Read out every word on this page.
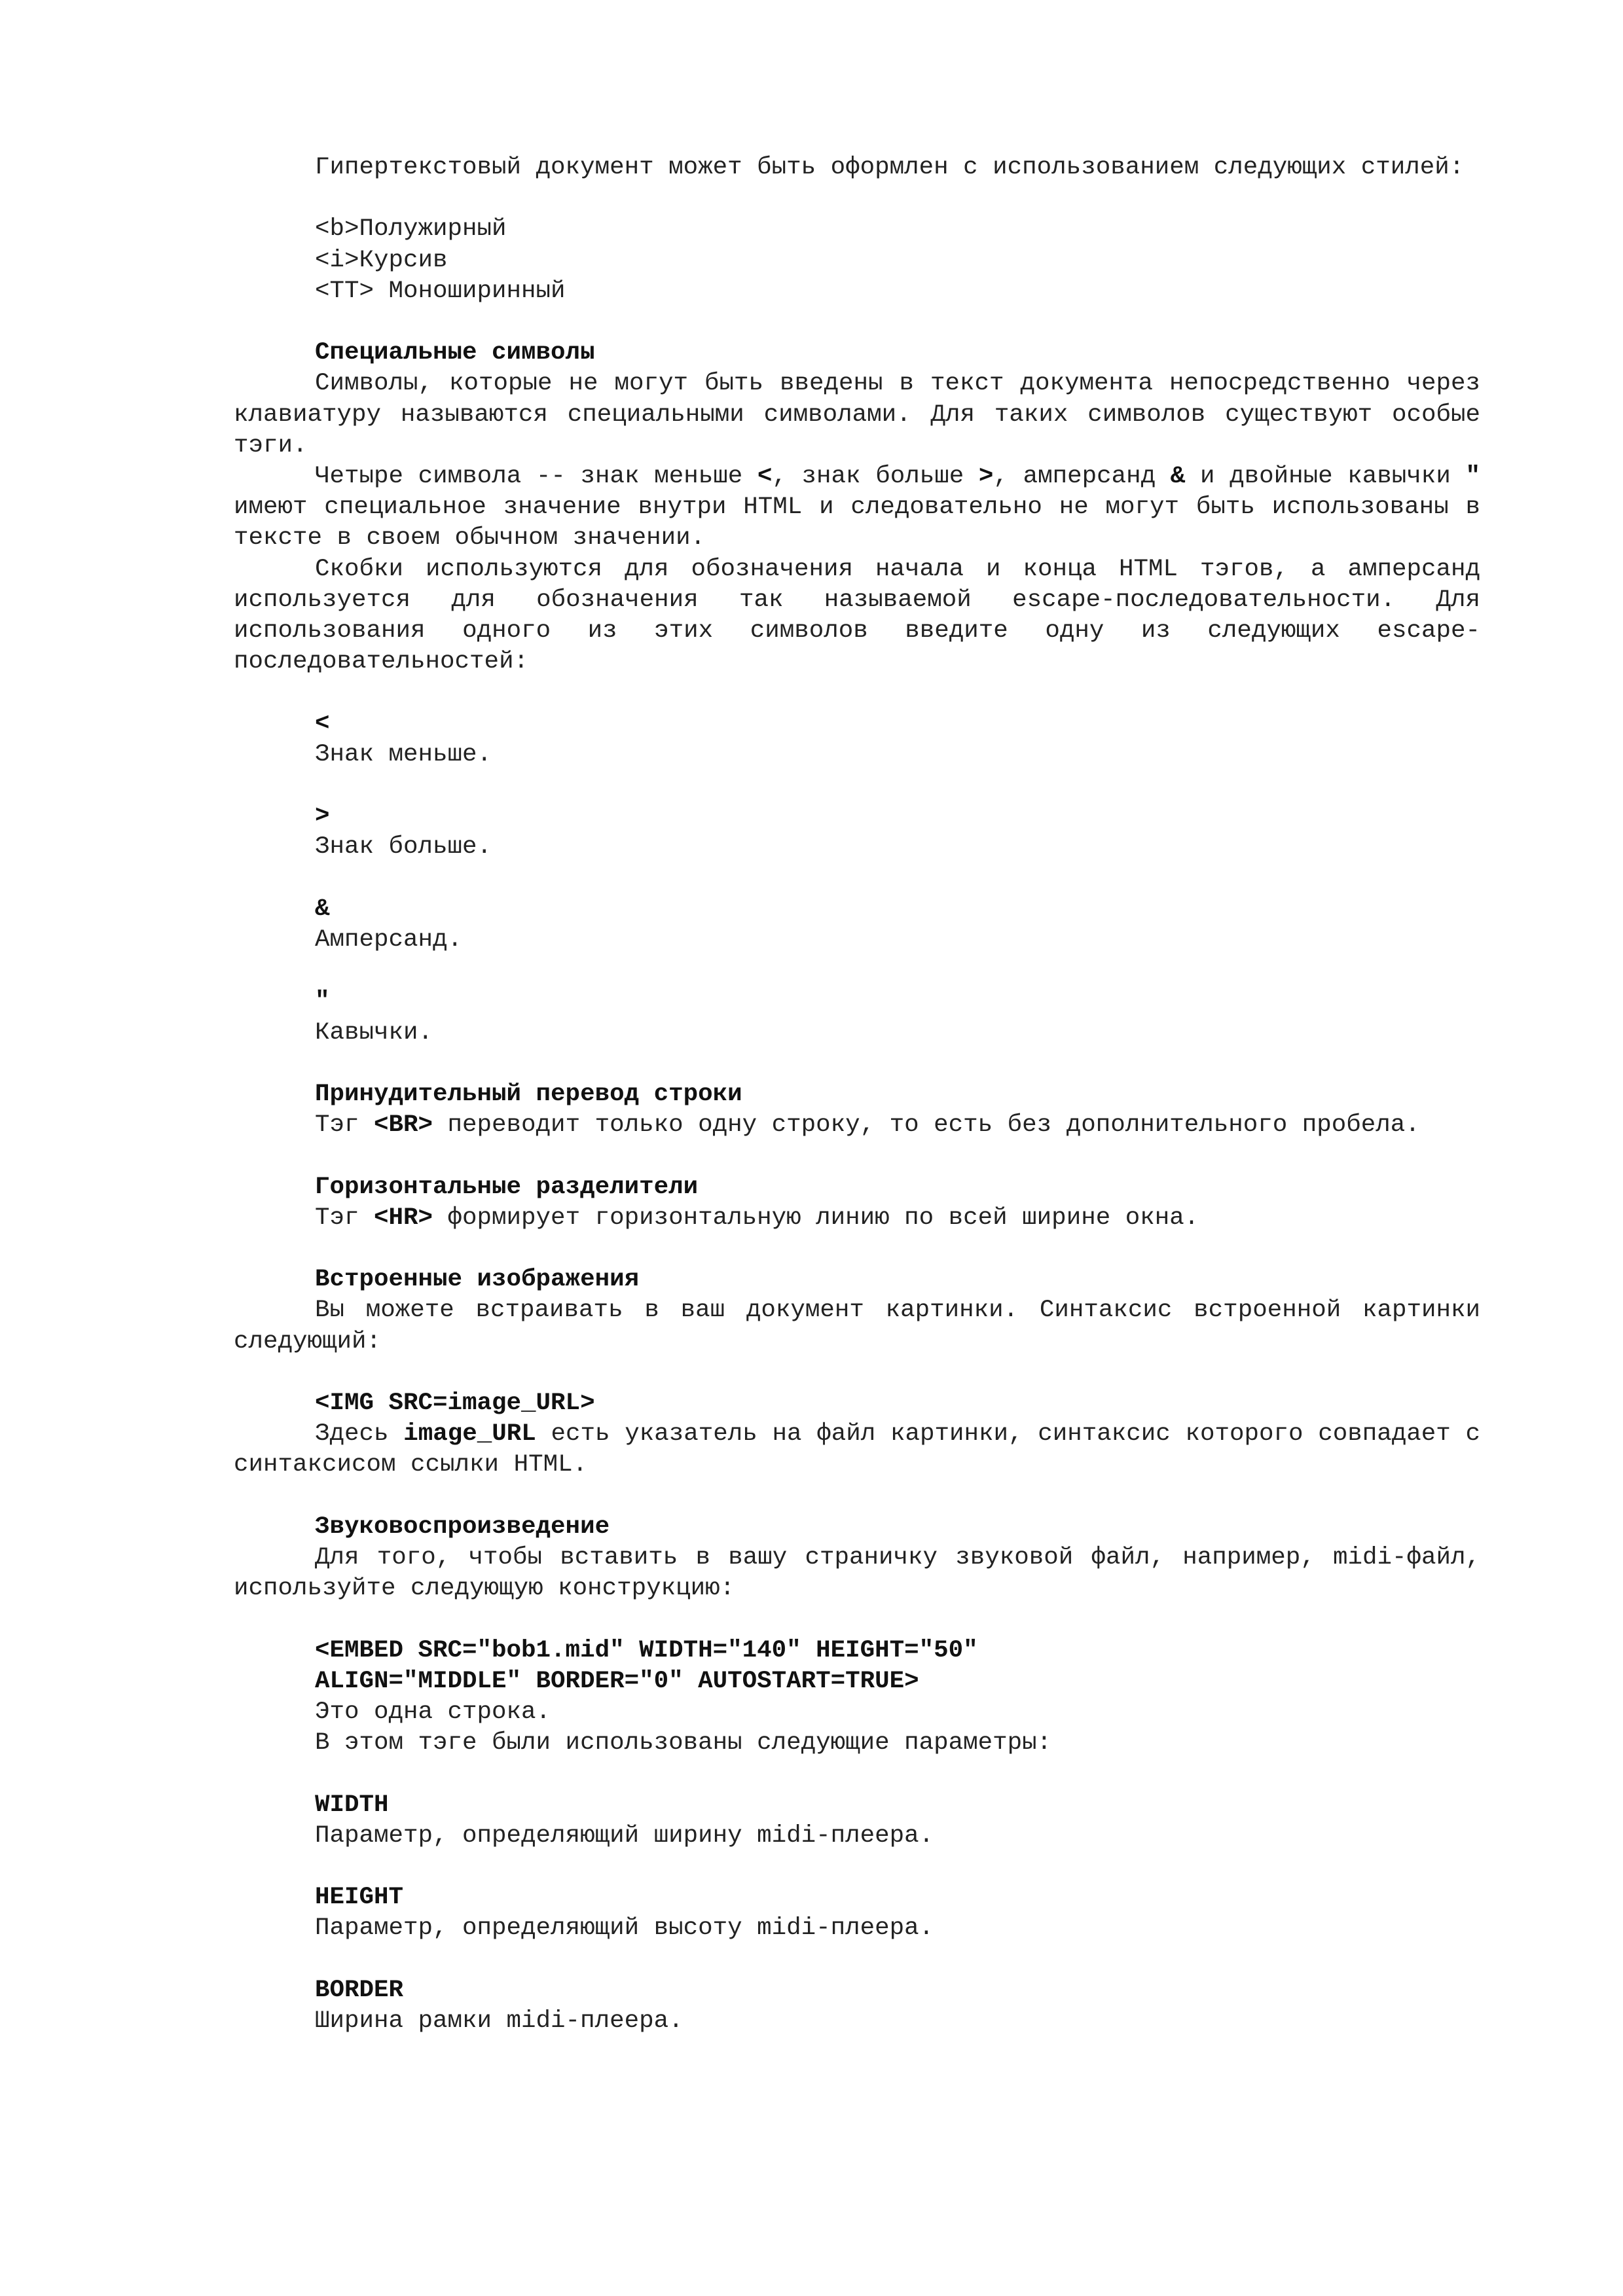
Гипертекстовый документ может быть оформлен с использованием следующих стилей:

<b>Полужирный

<i>Курсив

<TT> Моноширинный

Специальные символы

Символы, которые не могут быть введены в текст документа непосредственно через клавиатуру называются специальными символами. Для таких символов существуют особые тэги.

Четыре символа -- знак меньше <, знак больше >, амперсанд & и двойные кавычки " имеют специальное значение внутри HTML и следовательно не могут быть использованы в тексте в своем обычном значении.

Скобки используются для обозначения начала и конца HTML тэгов, а амперсанд используется для обозначения так называемой escape-последовательности. Для использования одного из этих символов введите одну из следующих escape-последовательностей:

<

Знак меньше.

>

Знак больше.

&

Амперсанд.

"

Кавычки.

Принудительный перевод строки

Тэг <BR> переводит только одну строку, то есть без дополнительного пробела.

Горизонтальные разделители

Тэг <HR> формирует горизонтальную линию по всей ширине окна.

Встроенные изображения

Вы можете встраивать в ваш документ картинки. Синтаксис встроенной картинки следующий:

<IMG SRC=image_URL>

Здесь image_URL есть указатель на файл картинки, синтаксис которого совпадает с синтаксисом ссылки HTML.

Звуковоспроизведение

Для того, чтобы вставить в вашу страничку звуковой файл, например, midi-файл, используйте следующую конструкцию:

<EMBED SRC="bob1.mid" WIDTH="140" HEIGHT="50"

ALIGN="MIDDLE" BORDER="0" AUTOSTART=TRUE>

Это одна строка.

В этом тэге были использованы следующие параметры:

WIDTH

Параметр, определяющий ширину midi-плеера.

HEIGHT

Параметр, определяющий высоту midi-плеера.

BORDER

Ширина рамки midi-плеера.
